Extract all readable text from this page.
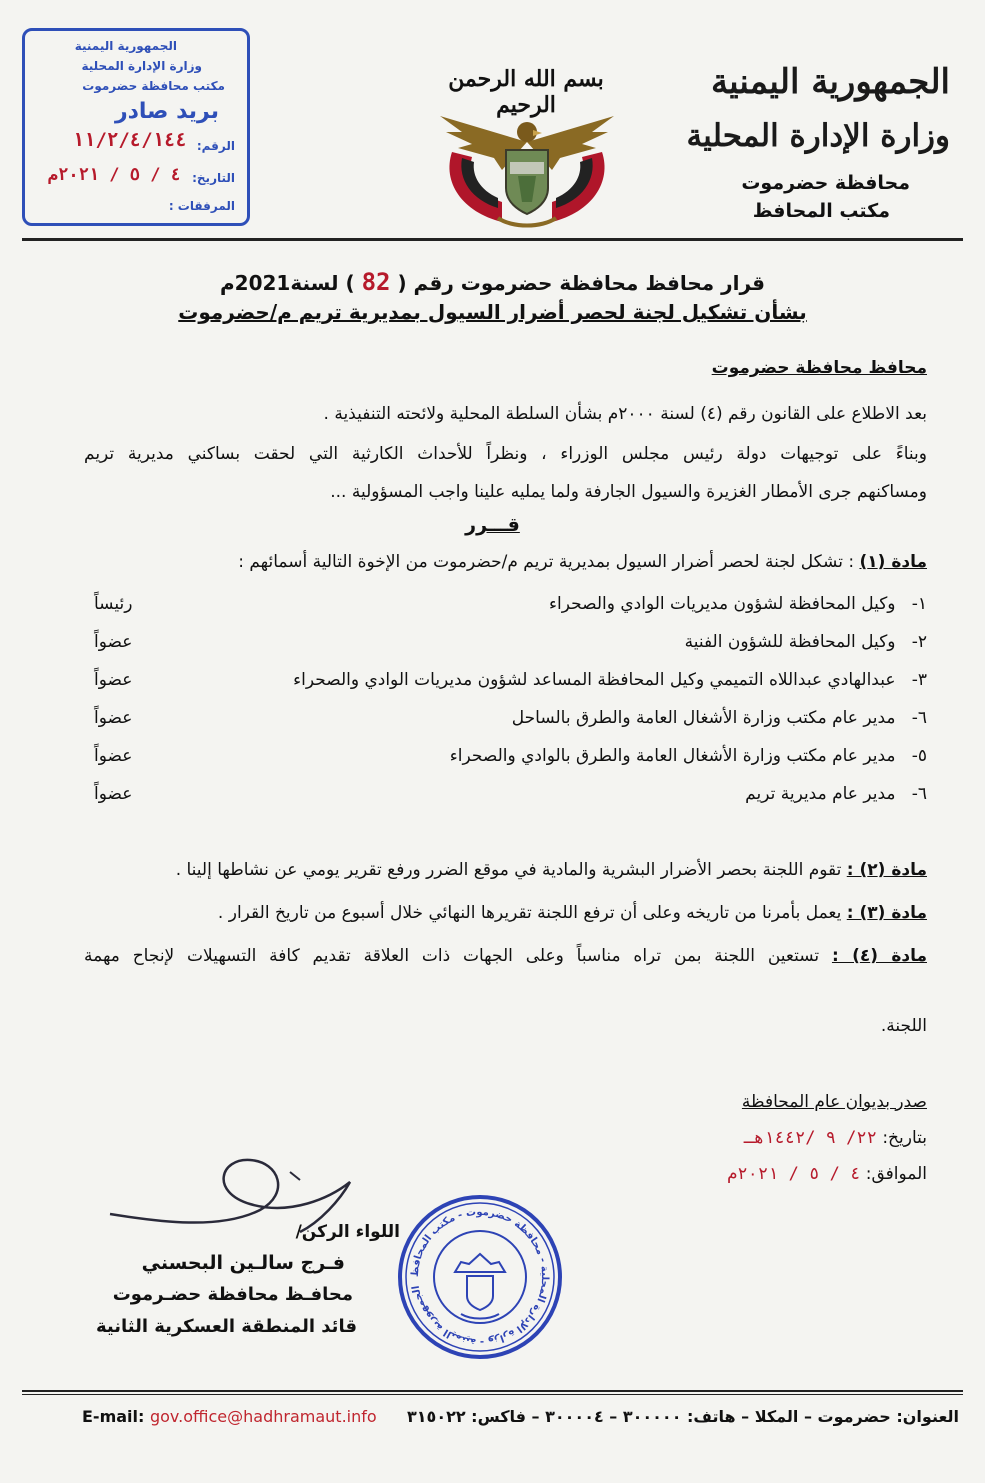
الجمهورية اليمنية
وزارة الإدارة المحلية
محافظة حضرموت
مكتب المحافظ
بسم الله الرحمن الرحيم
الجمهورية اليمنية
وزارة الإدارة المحلية
مكتب محافظة حضرموت
بريد صادر
الرقم:
١١/٢/٤/١٤٤
التاريخ:
٤ / ٥ / ٢٠٢١م
المرفقات :
قرار محافظ محافظة حضرموت رقم ( 82 ) لسنة2021م
بشأن تشكيل لجنة لحصر أضرار السيول بمديرية تريم م/حضرموت
محافظ محافظة حضرموت
بعد الاطلاع على القانون رقم (٤) لسنة ٢٠٠٠م بشأن السلطة المحلية ولائحته التنفيذية .
وبناءً على توجيهات دولة رئيس مجلس الوزراء ، ونظراً للأحداث الكارثية التي لحقت بساكني مديرية تريم
ومساكنهم جرى الأمطار الغزيرة والسيول الجارفة ولما يمليه علينا واجب المسؤولية ...
قـــرر
مادة (١) : تشكل لجنة لحصر أضرار السيول بمديرية تريم م/حضرموت من الإخوة التالية أسمائهم :
١-   وكيل المحافظة لشؤون مديريات الوادي والصحراء
رئيساً
٢-   وكيل المحافظة للشؤون الفنية
عضواً
٣-   عبدالهادي عبداللاه التميمي وكيل المحافظة المساعد لشؤون مديريات الوادي والصحراء
عضواً
٦-   مدير عام مكتب وزارة الأشغال العامة والطرق بالساحل
عضواً
٥-   مدير عام مكتب وزارة الأشغال العامة والطرق بالوادي والصحراء
عضواً
٦-   مدير عام مديرية تريم
عضواً
مادة (٢) : تقوم اللجنة بحصر الأضرار البشرية والمادية في موقع الضرر ورفع تقرير يومي عن نشاطها إلينا .
مادة (٣) : يعمل بأمرنا من تاريخه وعلى أن ترفع اللجنة تقريرها النهائي خلال أسبوع من تاريخ القرار .
مادة (٤) : تستعين اللجنة بمن تراه مناسباً وعلى الجهات ذات العلاقة تقديم كافة التسهيلات لإنجاح مهمة
اللجنة.
صدر بديوان عام المحافظة
بتاريخ: ٢٢/ ٩ /١٤٤٢هـ
الموافق: ٤ / ٥ / ٢٠٢١م
اللواء الركن/
فـرج سالـين البحسني
محافـظ محافظة حضـرموت
قائد المنطقة العسكرية الثانية
الجمهورية اليمنية - وزارة الإدارة المحلية - محافظة حضرموت - مكتب المحافظ
العنوان: حضرموت – المكلا – هاتف: ٣٠٠٠٠٠ – ٣٠٠٠٠٤ – فاكس: ٣١٥٠٢٢
E-mail: gov.office@hadhramaut.info
